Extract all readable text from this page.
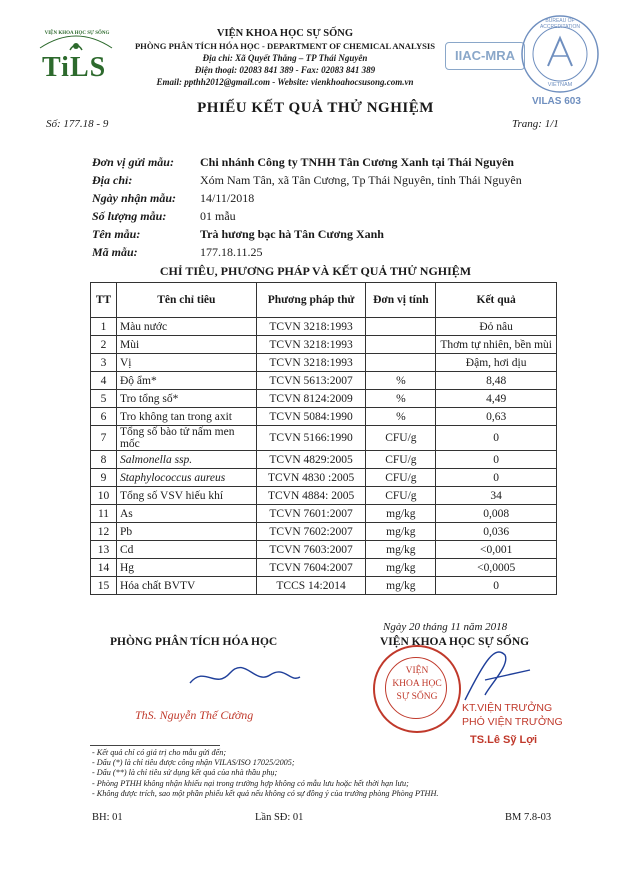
VIỆN KHOA HỌC SỰ SỐNG
TiLS
VIỆN KHOA HỌC SỰ SỐNG
PHÒNG PHÂN TÍCH HÓA HỌC - DEPARTMENT OF CHEMICAL ANALYSIS
Địa chỉ: Xã Quyết Thắng – TP Thái Nguyên
Điện thoại: 02083 841 389 - Fax: 02083 841 389
Email: ppthh2012@gmail.com - Website: vienkhoahocsusong.com.vn
IIAC-MRA
BUREAU OF ACCREDITATION
VIETNAM
VILAS 603
PHIẾU KẾT QUẢ THỬ NGHIỆM
Số: 177.18 - 9	Trang: 1/1
Đơn vị gửi mẫu: Chi nhánh Công ty TNHH Tân Cương Xanh tại Thái Nguyên
Địa chỉ:	Xóm Nam Tân, xã Tân Cương, Tp Thái Nguyên, tỉnh Thái Nguyên
Ngày nhận mẫu: 14/11/2018
Số lượng mẫu:	01 mẫu
Tên mẫu:	Trà hương bạc hà Tân Cương Xanh
Mã mẫu:	177.18.11.25
CHỈ TIÊU, PHƯƠNG PHÁP VÀ KẾT QUẢ THỬ NGHIỆM
TT	Tên chỉ tiêu	Phương pháp thử	Đơn vị tính	Kết quả
1	Màu nước	TCVN 3218:1993		Đỏ nâu
2	Mùi	TCVN 3218:1993		Thơm tự nhiên, bền mùi
3	Vị	TCVN 3218:1993		Đậm, hơi dịu
4	Độ ẩm*	TCVN 5613:2007	%	8,48
5	Tro tổng số*	TCVN 8124:2009	%	4,49
6	Tro không tan trong axit	TCVN 5084:1990	%	0,63
7	Tổng số bào tử nấm men mốc	TCVN 5166:1990	CFU/g	0
8	Salmonella ssp.	TCVN 4829:2005	CFU/g	0
9	Staphylococcus aureus	TCVN 4830 :2005	CFU/g	0
10	Tổng số VSV hiếu khí	TCVN 4884: 2005	CFU/g	34
11	As	TCVN 7601:2007	mg/kg	0,008
12	Pb	TCVN 7602:2007	mg/kg	0,036
13	Cd	TCVN 7603:2007	mg/kg	<0,001
14	Hg	TCVN 7604:2007	mg/kg	<0,0005
15	Hóa chất BVTV	TCCS 14:2014	mg/kg	0
PHÒNG PHÂN TÍCH HÓA HỌC
ThS. Nguyễn Thế Cường
Ngày 20 tháng 11 năm 2018
VIỆN KHOA HỌC SỰ SỐNG
VIỆN
KHOA HỌC
SỰ SỐNG
KT.VIỆN TRƯỞNG
PHÓ VIỆN TRƯỞNG
TS.Lê Sỹ Lợi
- Kết quả chỉ có giá trị cho mẫu gửi đến;
- Dấu (*) là chỉ tiêu được công nhận VILAS/ISO 17025/2005;
- Dấu (**) là chỉ tiêu sử dụng kết quả của nhà thầu phụ;
- Phòng PTHH không nhận khiếu nại trong trường hợp không có mẫu lưu hoặc hết thời hạn lưu;
- Không được trích, sao một phần phiếu kết quả nếu không có sự đồng ý của trưởng phòng Phòng PTHH.
BH: 01	Lần SĐ: 01	BM 7.8-03
